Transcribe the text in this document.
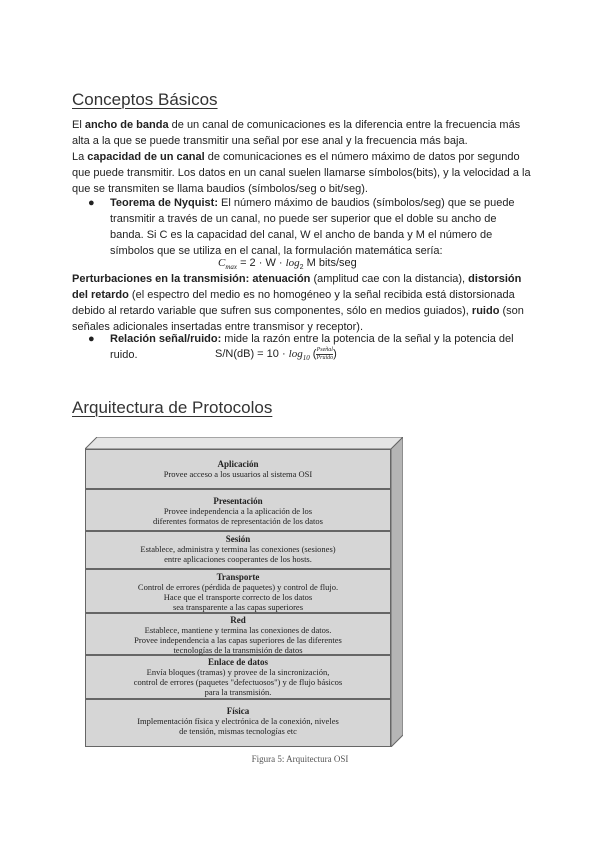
Conceptos Básicos

El ancho de banda de un canal de comunicaciones es la diferencia entre la frecuencia más alta a la que se puede transmitir una señal por ese anal y la frecuencia más baja.

La capacidad de un canal de comunicaciones es el número máximo de datos por segundo que puede transmitir. Los datos en un canal suelen llamarse símbolos(bits), y la velocidad a la que se transmiten se llama baudios (símbolos/seg o bit/seg).

● Teorema de Nyquist: El número máximo de baudios (símbolos/seg) que se puede transmitir a través de un canal, no puede ser superior que el doble su ancho de banda. Si C es la capacidad del canal, W el ancho de banda y M el número de símbolos que se utiliza en el canal, la formulación matemática sería:

$C_{max} = 2 \cdot W \cdot \log_2 M$ bits/seg

Perturbaciones en la transmisión: atenuación (amplitud cae con la distancia), distorsión del retardo (el espectro del medio es no homogéneo y la señal recibida está distorsionada debido al retardo variable que sufren sus componentes, sólo en medios guiados), ruido (son señales adicionales insertadas entre transmisor y receptor).

● Relación señal/ruido: mide la razón entre la potencia de la señal y la potencia del ruido.	$S/N(dB) = 10 \cdot \log_{10}$ ( $\frac{\text{Pseñal}}{\text{Pruido}}$ )
Arquitectura de Protocolos
Aplicación
Provee acceso a los usuarios al sistema OSI
Presentación
Provee independencia a la aplicación de los
diferentes formatos de representación de los datos
Sesión
Establece, administra y termina las conexiones (sesiones)
entre aplicaciones cooperantes de los hosts.
Transporte
Control de errores (pérdida de paquetes) y control de flujo.
Hace que el transporte correcto de los datos
sea transparente a las capas superiores
Red
Establece, mantiene y termina las conexiones de datos.
Provee independencia a las capas superiores de las diferentes
tecnologías de la transmisión de datos
Enlace de datos
Envía bloques (tramas) y provee de la sincronización,
control de errores (paquetes "defectuosos") y de flujo básicos
para la transmisión.
Física
Implementación física y electrónica de la conexión, niveles
de tensión, mismas tecnologías etc
Figura 5: Arquitectura OSI
